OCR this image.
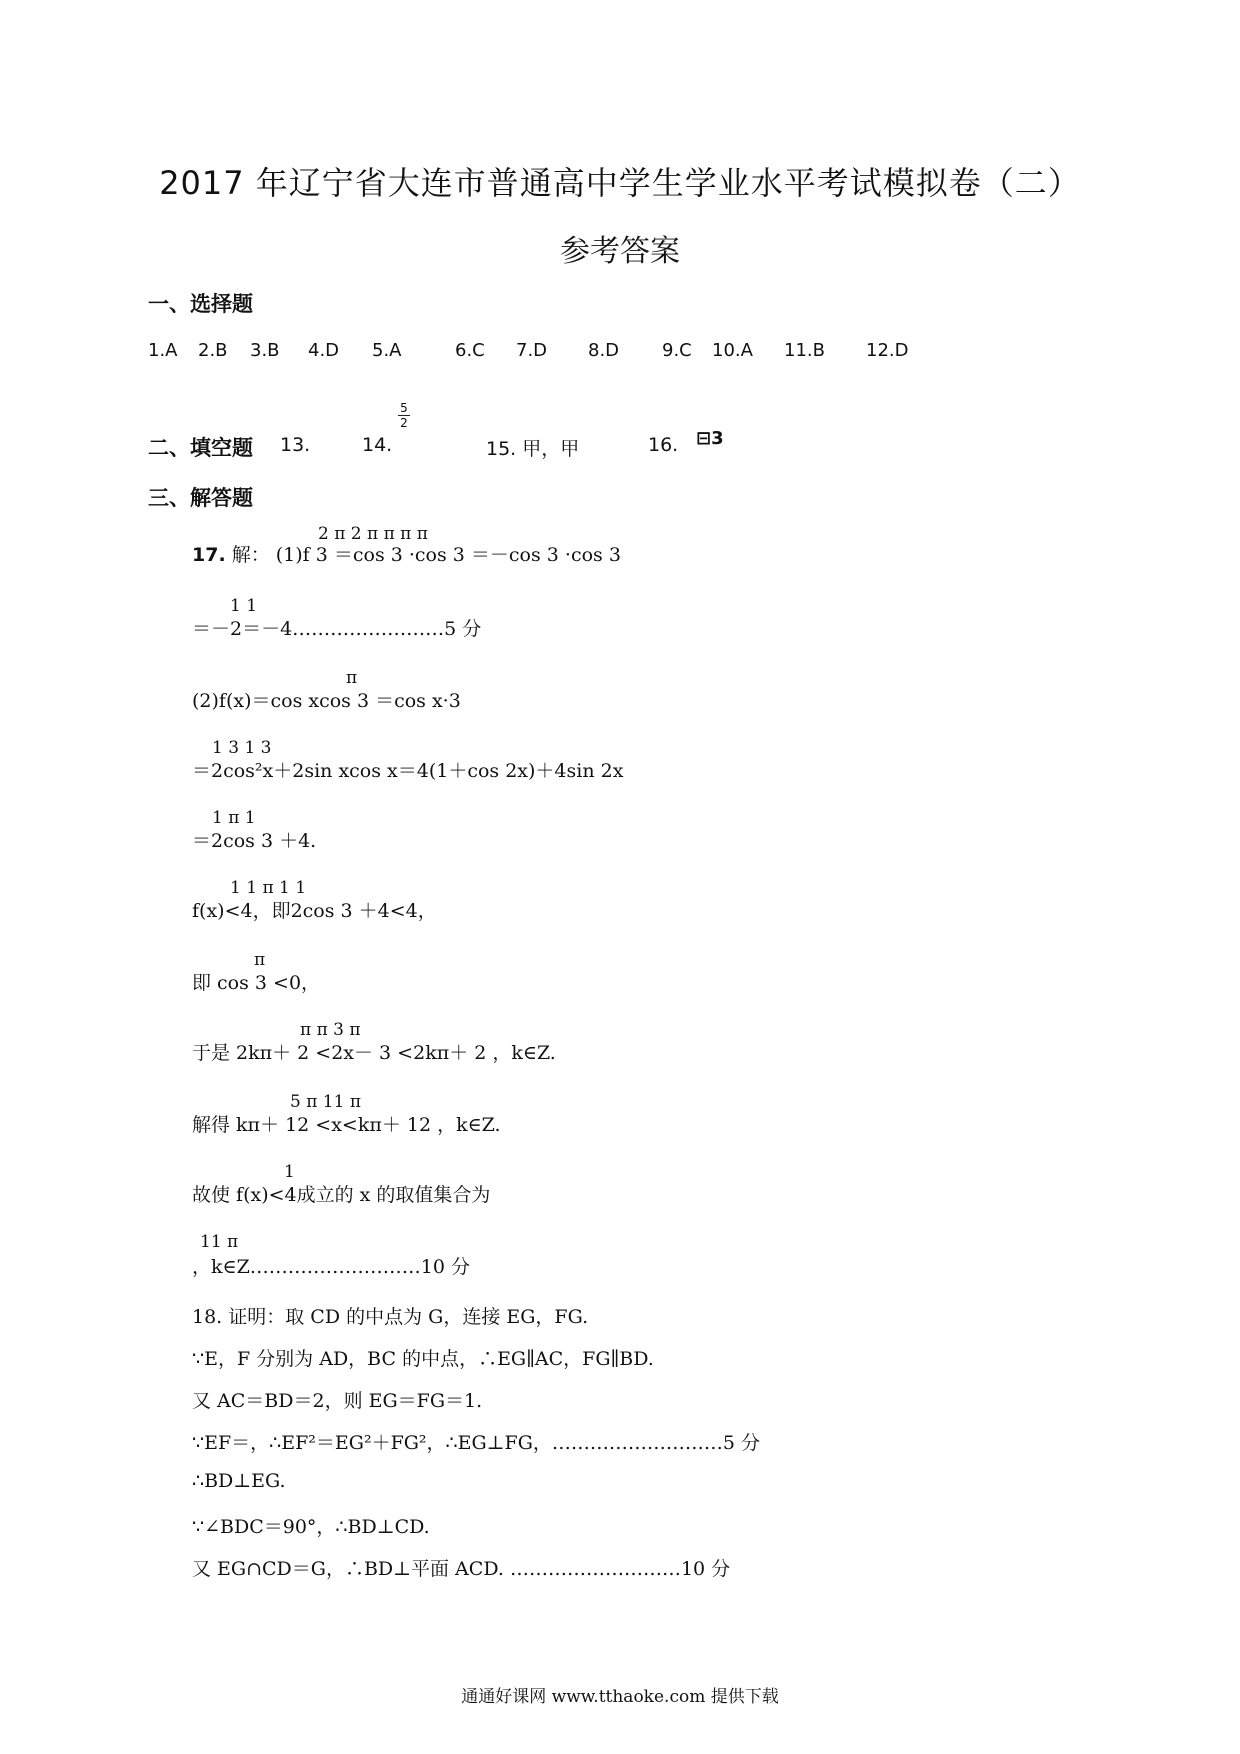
2017 年辽宁省大连市普通高中学生学业水平考试模拟卷（二）
参考答案
一、选择题
1.A 2.B 3.B 4.D 5.A	6.C 7.D 8.D 9.C 10.A 11.B 12.D
二、填空题 13.	14.
5
2
15. 甲，甲	16. ⊟3
三、解答题
2 π 2 π π π π
17. 解： (1)f 3 ＝cos 3 ·cos 3 ＝－cos 3 ·cos 3
1 1
＝－2＝－4……………………5 分
π
(2)f(x)＝cos xcos 3 ＝cos x·3
1 3 1 3
＝2cos²x＋2sin xcos x＝4(1＋cos 2x)＋4sin 2x
1 π 1
＝2cos 3 ＋4.
1 1 π 1 1
f(x)<4，即2cos 3 ＋4<4，
π
即 cos 3 <0，
π π 3 π
于是 2kπ＋ 2 <2x－ 3 <2kπ＋ 2 ，k∈Z.
5 π 11 π
解得 kπ＋ 12 <x<kπ＋ 12 ，k∈Z.
1
故使 f(x)<4成立的 x 的取值集合为
11 π
，k∈Z………………………10 分
18. 证明：取 CD 的中点为 G，连接 EG，FG.
∵E，F 分别为 AD，BC 的中点，∴EG∥AC，FG∥BD.
又 AC＝BD＝2，则 EG＝FG＝1.
∵EF＝，∴EF²＝EG²＋FG²，∴EG⊥FG，………………………5 分
∴BD⊥EG.
∵∠BDC＝90°，∴BD⊥CD.
又 EG∩CD＝G，∴BD⊥平面 ACD. ………………………10 分
通通好课网 www.tthaoke.com 提供下载
